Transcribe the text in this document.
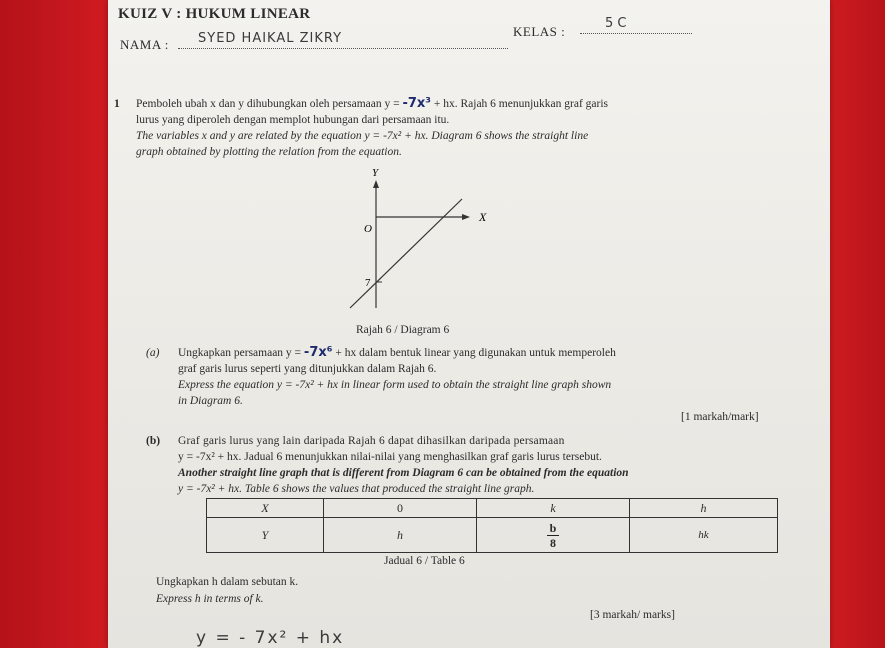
KUIZ V : HUKUM LINEAR
NAMA : SYED HAIKAL ZIKRY	KELAS :
5 C
1 Pemboleh ubah x dan y dihubungkan oleh persamaan y = -7x³ + hx. Rajah 6 menunjukkan graf garis
lurus yang diperoleh dengan memplot hubungan dari persamaan itu.
The variables x and y are related by the equation y = -7x² + hx. Diagram 6 shows the straight line
graph obtained by plotting the relation from the equation.
Y
X
O
7
Rajah 6 / Diagram 6
(a) Ungkapkan persamaan y = -7x⁶ + hx dalam bentuk linear yang digunakan untuk memperoleh
graf garis lurus seperti yang ditunjukkan dalam Rajah 6.
Express the equation y = -7x² + hx in linear form used to obtain the straight line graph shown
in Diagram 6.
[1 markah/mark]
(b) Graf garis lurus yang lain daripada Rajah 6 dapat dihasilkan daripada persamaan
y = -7x² + hx. Jadual 6 menunjukkan nilai-nilai yang menghasilkan graf garis lurus tersebut.
Another straight line graph that is different from Diagram 6 can be obtained from the equation
y = -7x² + hx. Table 6 shows the values that produced the straight line graph.
X	0	k	h
Y	h	$\frac{b}{8}$	hk
Jadual 6 / Table 6
Ungkapkan h dalam sebutan k.
Express h in terms of k.
[3 markah/ marks]
y = - 7x² + hx
